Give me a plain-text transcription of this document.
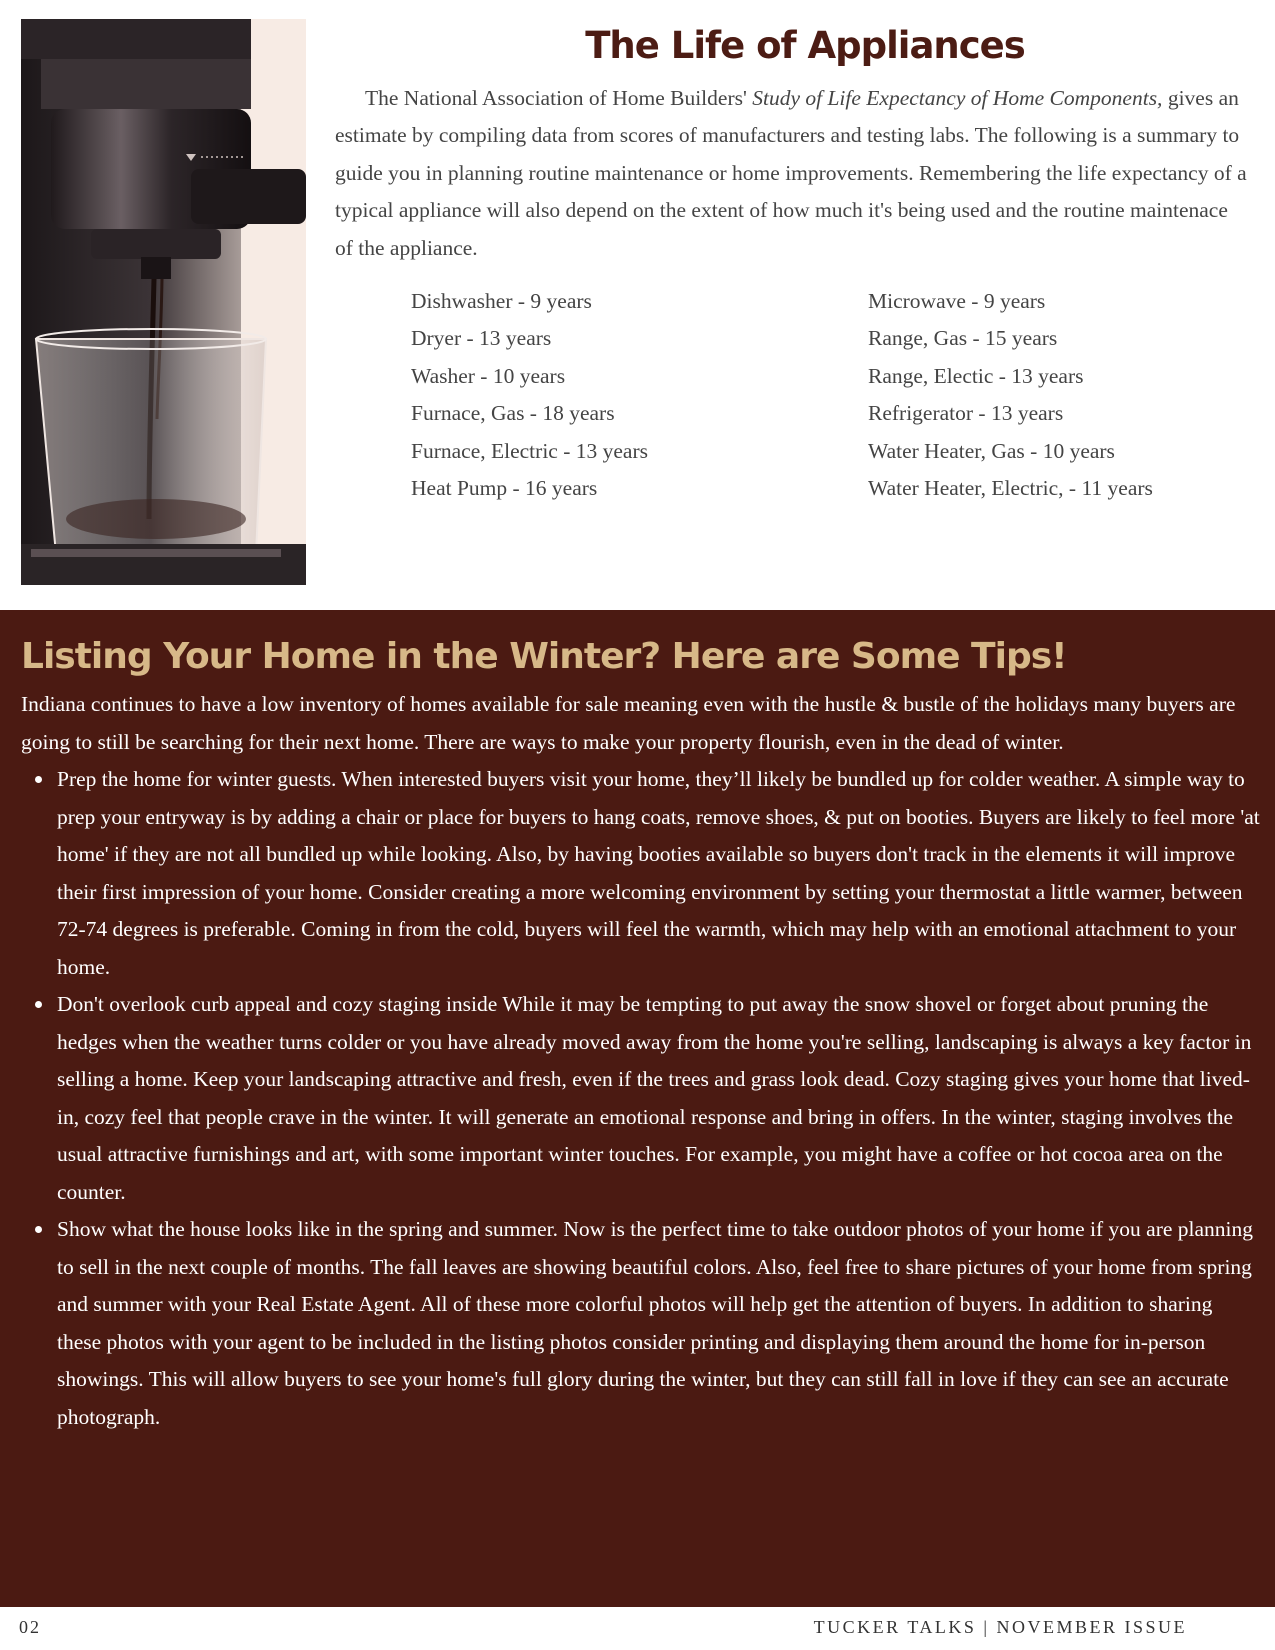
The Life of Appliances

The National Association of Home Builders' Study of Life Expectancy of Home Components, gives an estimate by compiling data from scores of manufacturers and testing labs. The following is a summary to guide you in planning routine maintenance or home improvements. Remembering the life expectancy of a typical appliance will also depend on the extent of how much it's being used and the routine maintenace of the appliance.

Dishwasher - 9 years
Dryer - 13 years
Washer - 10 years
Furnace, Gas - 18 years
Furnace, Electric - 13 years
Heat Pump - 16 years
Microwave - 9 years
Range, Gas - 15 years
Range, Electic - 13 years
Refrigerator - 13 years
Water Heater, Gas - 10 years
Water Heater, Electric, - 11 years
Listing Your Home in the Winter? Here are Some Tips!

Indiana continues to have a low inventory of homes available for sale meaning even with the hustle & bustle of the holidays many buyers are going to still be searching for their next home. There are ways to make your property flourish, even in the dead of winter.

Prep the home for winter guests. When interested buyers visit your home, they’ll likely be bundled up for colder weather. A simple way to prep your entryway is by adding a chair or place for buyers to hang coats, remove shoes, & put on booties. Buyers are likely to feel more 'at home' if they are not all bundled up while looking. Also, by having booties available so buyers don't track in the elements it will improve their first impression of your home. Consider creating a more welcoming environment by setting your thermostat a little warmer, between 72-74 degrees is preferable. Coming in from the cold, buyers will feel the warmth, which may help with an emotional attachment to your home.
Don't overlook curb appeal and cozy staging inside While it may be tempting to put away the snow shovel or forget about pruning the hedges when the weather turns colder or you have already moved away from the home you're selling, landscaping is always a key factor in selling a home. Keep your landscaping attractive and fresh, even if the trees and grass look dead. Cozy staging gives your home that lived-in, cozy feel that people crave in the winter. It will generate an emotional response and bring in offers. In the winter, staging involves the usual attractive furnishings and art, with some important winter touches. For example, you might have a coffee or hot cocoa area on the counter.
Show what the house looks like in the spring and summer. Now is the perfect time to take outdoor photos of your home if you are planning to sell in the next couple of months. The fall leaves are showing beautiful colors. Also, feel free to share pictures of your home from spring and summer with your Real Estate Agent. All of these more colorful photos will help get the attention of buyers. In addition to sharing these photos with your agent to be included in the listing photos consider printing and displaying them around the home for in-person showings. This will allow buyers to see your home's full glory during the winter, but they can still fall in love if they can see an accurate photograph.
02	TUCKER TALKS | NOVEMBER ISSUE
